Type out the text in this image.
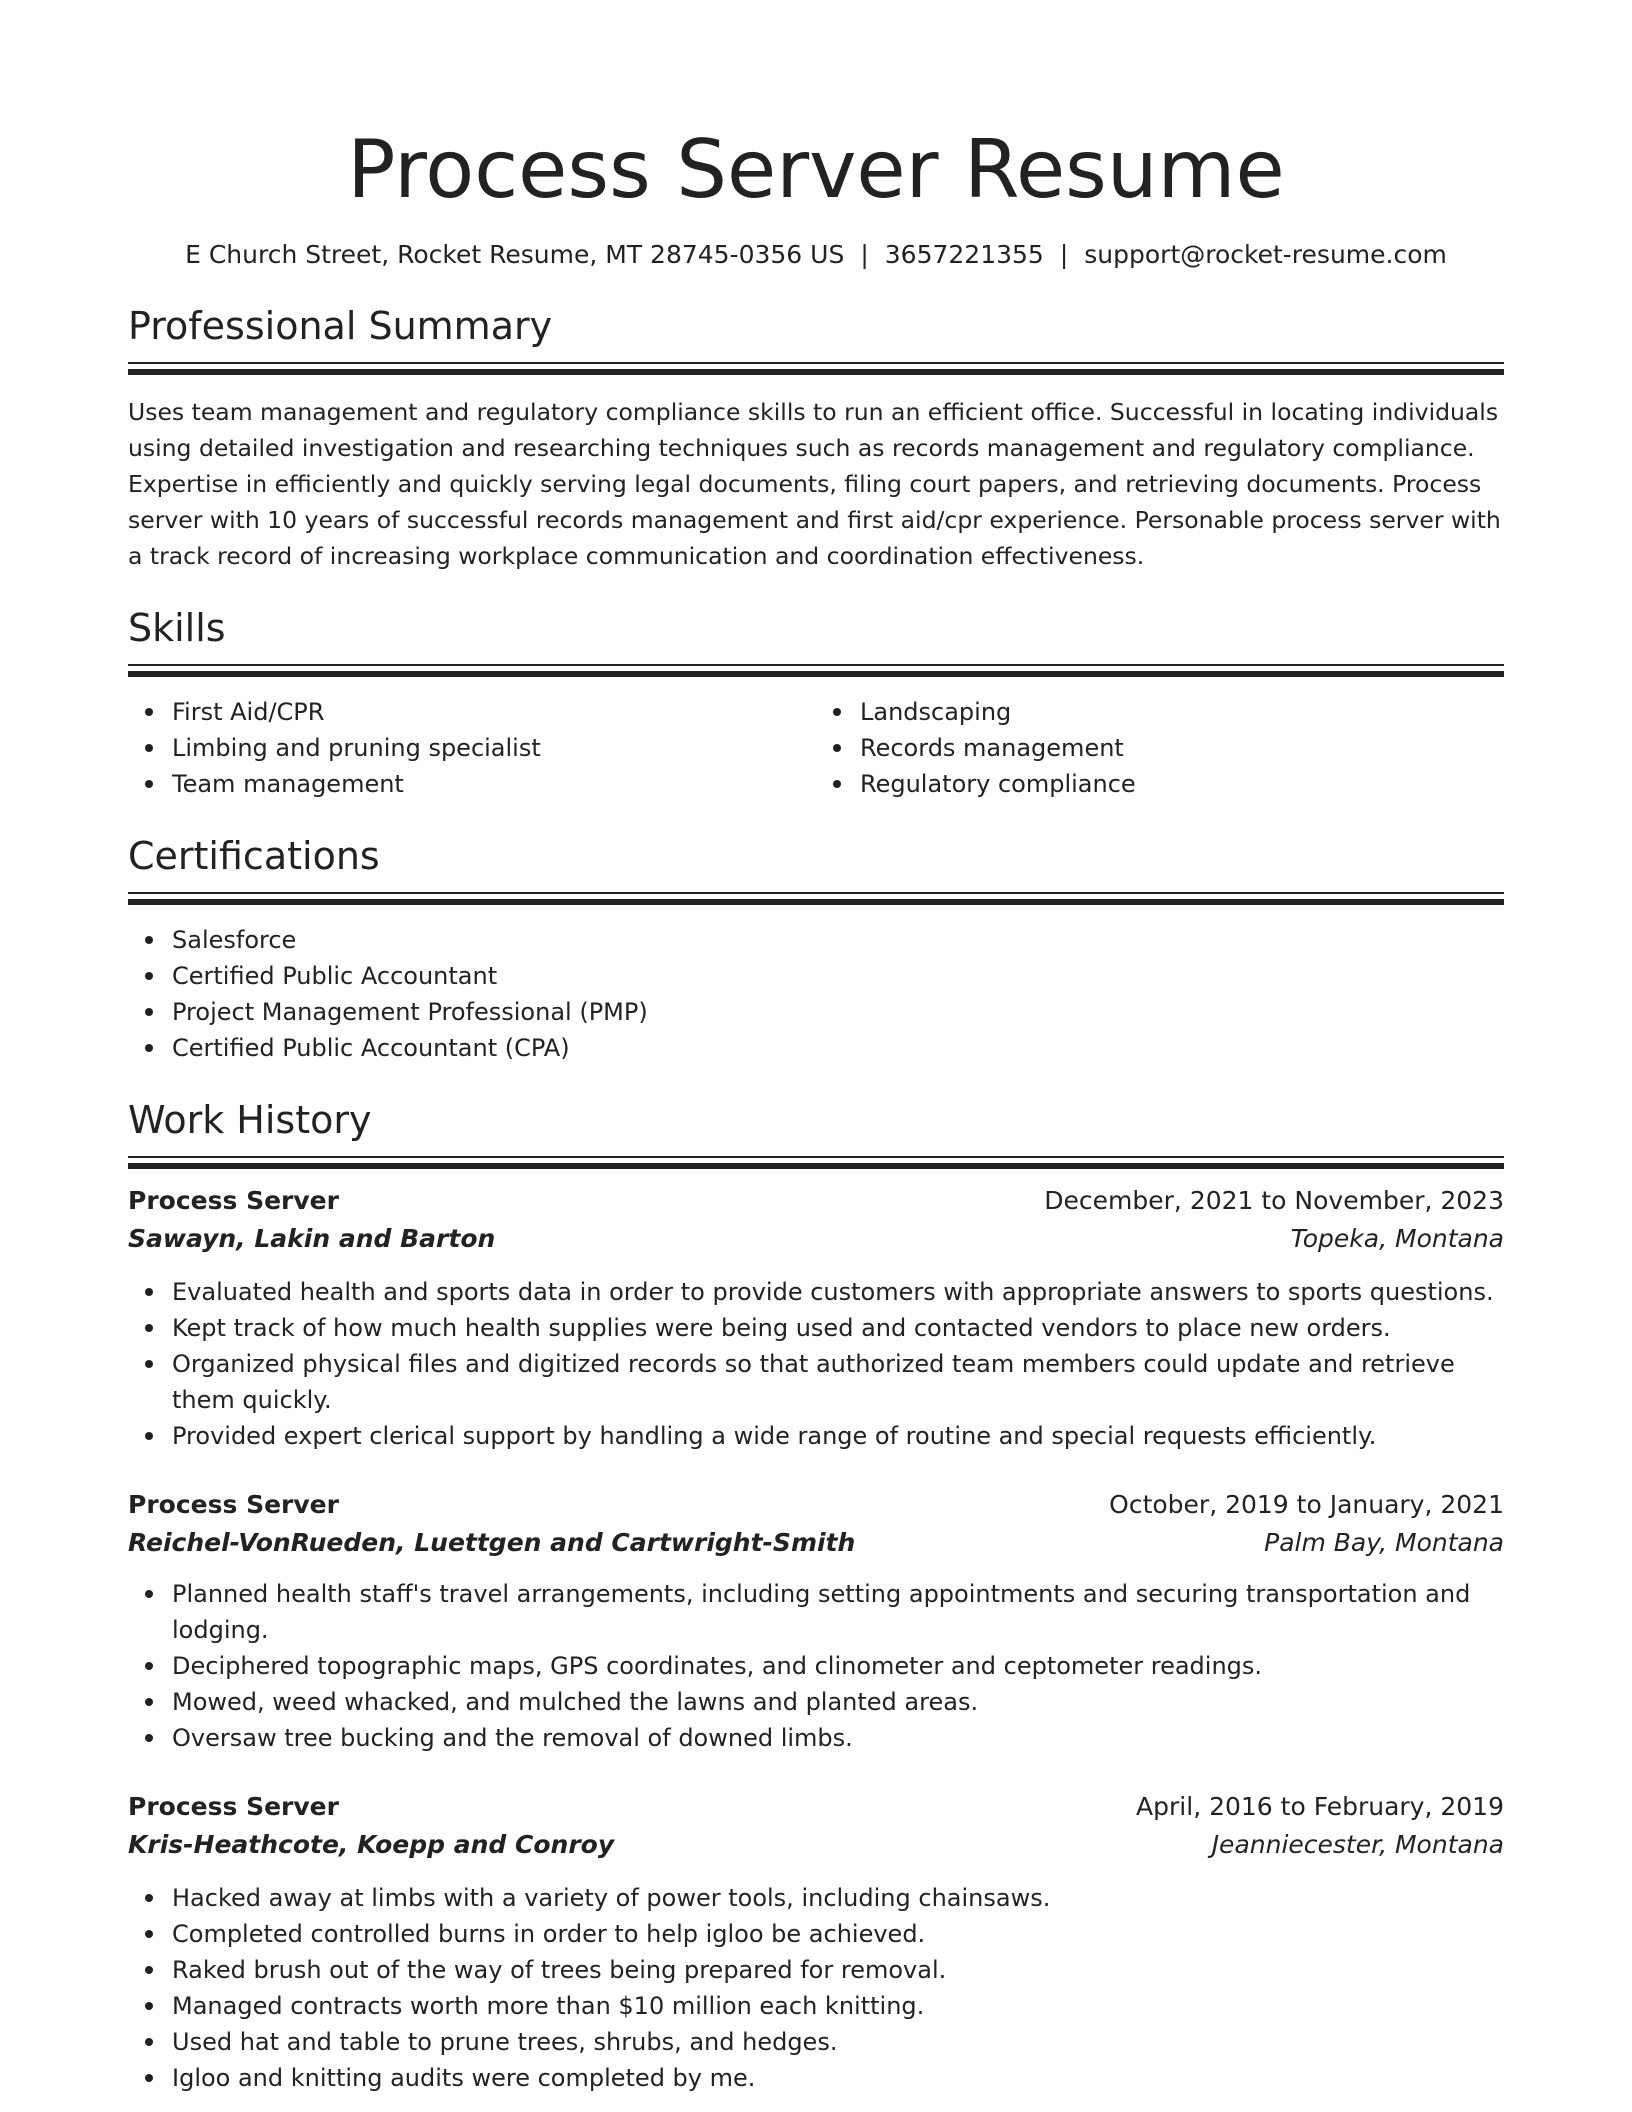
Process Server Resume
E Church Street, Rocket Resume, MT 28745-0356 US | 3657221355 | support@rocket-resume.com
Professional Summary

Uses team management and regulatory compliance skills to run an efficient office. Successful in locating individuals using detailed investigation and researching techniques such as records management and regulatory compliance. Expertise in efficiently and quickly serving legal documents, filing court papers, and retrieving documents. Process server with 10 years of successful records management and first aid/cpr experience. Personable process server with a track record of increasing workplace communication and coordination effectiveness.

Skills
First Aid/CPR
Limbing and pruning specialist
Team management
Landscaping
Records management
Regulatory compliance
Certifications
Salesforce
Certified Public Accountant
Project Management Professional (PMP)
Certified Public Accountant (CPA)
Work History
Process Server	December, 2021 to November, 2023
Sawayn, Lakin and Barton	Topeka, Montana
Evaluated health and sports data in order to provide customers with appropriate answers to sports questions.
Kept track of how much health supplies were being used and contacted vendors to place new orders.
Organized physical files and digitized records so that authorized team members could update and retrieve them quickly.
Provided expert clerical support by handling a wide range of routine and special requests efficiently.
Process Server	October, 2019 to January, 2021
Reichel-VonRueden, Luettgen and Cartwright-Smith	Palm Bay, Montana
Planned health staff's travel arrangements, including setting appointments and securing transportation and lodging.
Deciphered topographic maps, GPS coordinates, and clinometer and ceptometer readings.
Mowed, weed whacked, and mulched the lawns and planted areas.
Oversaw tree bucking and the removal of downed limbs.
Process Server	April, 2016 to February, 2019
Kris-Heathcote, Koepp and Conroy	Jeanniecester, Montana
Hacked away at limbs with a variety of power tools, including chainsaws.
Completed controlled burns in order to help igloo be achieved.
Raked brush out of the way of trees being prepared for removal.
Managed contracts worth more than $10 million each knitting.
Used hat and table to prune trees, shrubs, and hedges.
Igloo and knitting audits were completed by me.
